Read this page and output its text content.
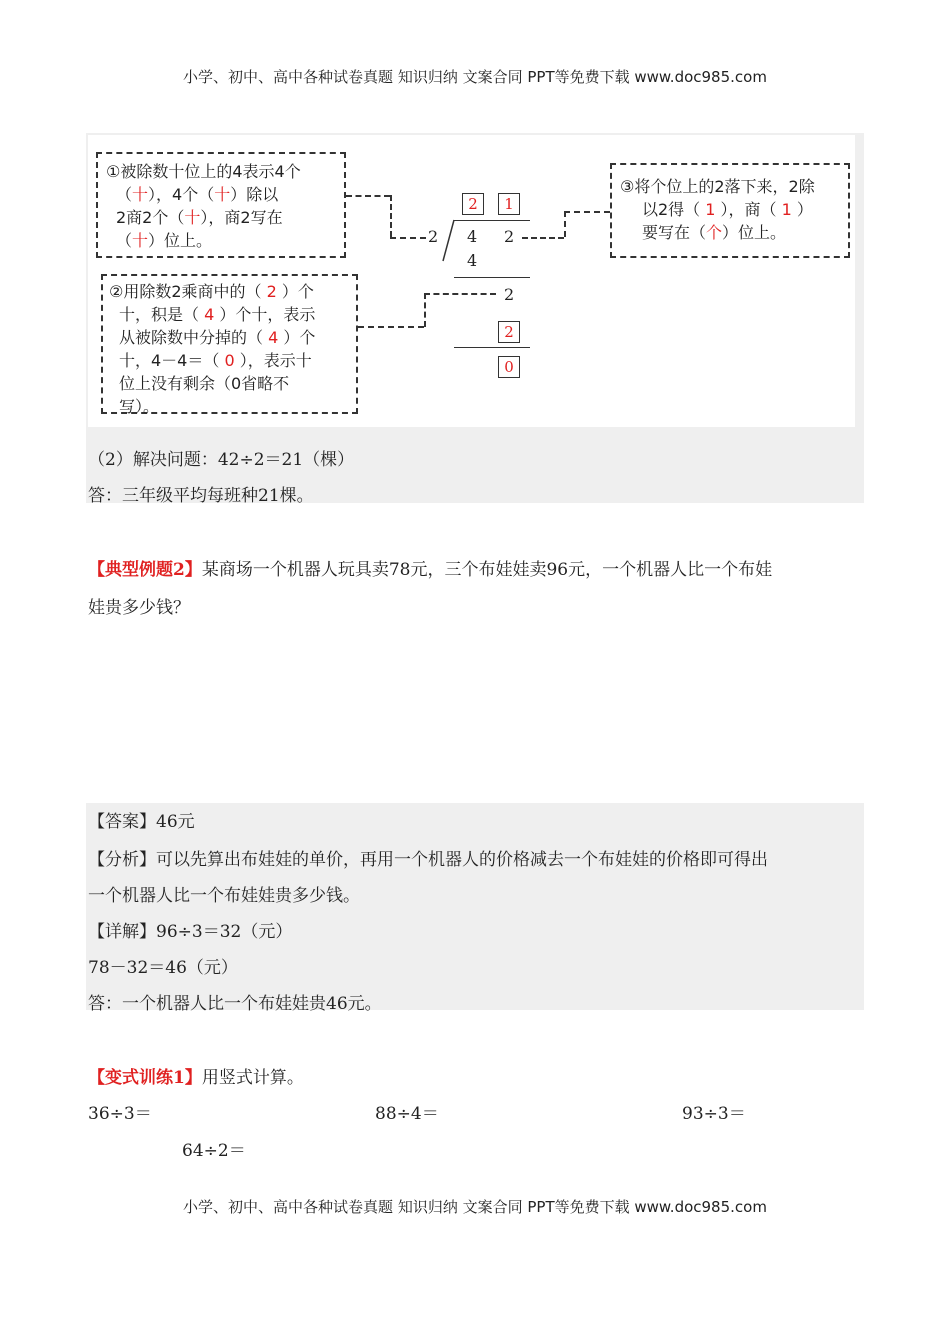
小学、初中、高中各种试卷真题 知识归纳 文案合同 PPT等免费下载 www.doc985.com
①被除数十位上的4表示4个
（十），4个（十）除以
2商2个（十），商2写在
（十）位上。
②用除数2乘商中的（ 2 ）个
十，积是（ 4 ）个十，表示
从被除数中分掉的（ 4 ）个
十，4－4＝（ 0 ），表示十
位上没有剩余（0省略不
写）。
③将个位上的2落下来，2除
以2得（ 1 ），商（ 1 ）
要写在（个）位上。
2	1
2 4 2
4
2
2
0
（2）解决问题：42÷2＝21（棵）
答：三年级平均每班种21棵。
【典型例题2】某商场一个机器人玩具卖78元，三个布娃娃卖96元，一个机器人比一个布娃
娃贵多少钱？
【答案】46元
【分析】可以先算出布娃娃的单价，再用一个机器人的价格减去一个布娃娃的价格即可得出
一个机器人比一个布娃娃贵多少钱。
【详解】96÷3＝32（元）
78－32＝46（元）
答：一个机器人比一个布娃娃贵46元。
【变式训练1】用竖式计算。
36÷3＝	88÷4＝	93÷3＝
64÷2＝
小学、初中、高中各种试卷真题 知识归纳 文案合同 PPT等免费下载 www.doc985.com
